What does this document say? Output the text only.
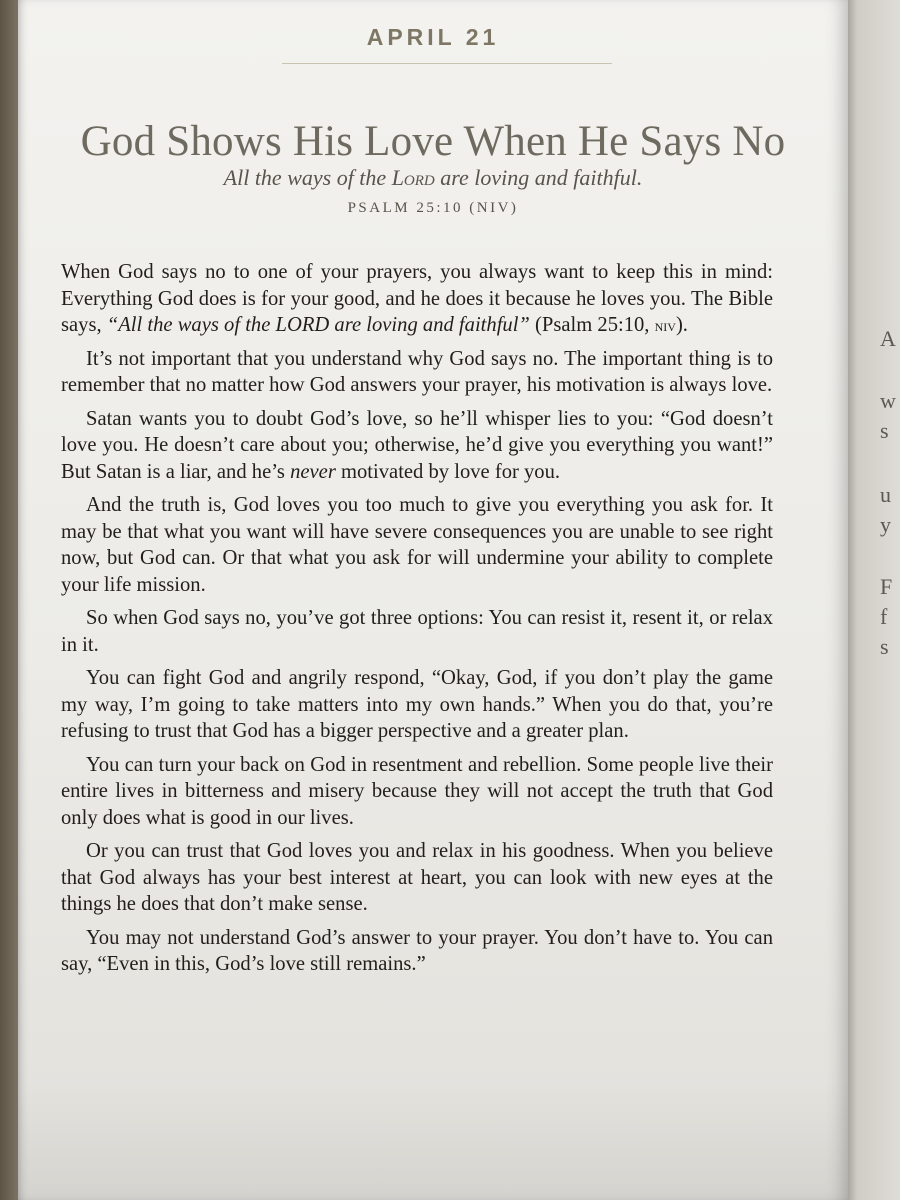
A
w
s
u
y
F
f
s
APRIL 21
God Shows His Love When He Says No
All the ways of the Lord are loving and faithful.
PSALM 25:10 (NIV)

When God says no to one of your prayers, you always want to keep this in mind: Everything God does is for your good, and he does it because he loves you. The Bible says, “All the ways of the LORD are loving and faithful” (Psalm 25:10, niv).

It’s not important that you understand why God says no. The important thing is to remember that no matter how God answers your prayer, his motivation is always love.

Satan wants you to doubt God’s love, so he’ll whisper lies to you: “God doesn’t love you. He doesn’t care about you; otherwise, he’d give you everything you want!” But Satan is a liar, and he’s never motivated by love for you.

And the truth is, God loves you too much to give you everything you ask for. It may be that what you want will have severe consequences you are unable to see right now, but God can. Or that what you ask for will undermine your ability to complete your life mission.

So when God says no, you’ve got three options: You can resist it, resent it, or relax in it.

You can fight God and angrily respond, “Okay, God, if you don’t play the game my way, I’m going to take matters into my own hands.” When you do that, you’re refusing to trust that God has a bigger perspective and a greater plan.

You can turn your back on God in resentment and rebellion. Some people live their entire lives in bitterness and misery because they will not accept the truth that God only does what is good in our lives.

Or you can trust that God loves you and relax in his goodness. When you believe that God always has your best interest at heart, you can look with new eyes at the things he does that don’t make sense.

You may not understand God’s answer to your prayer. You don’t have to. You can say, “Even in this, God’s love still remains.”
